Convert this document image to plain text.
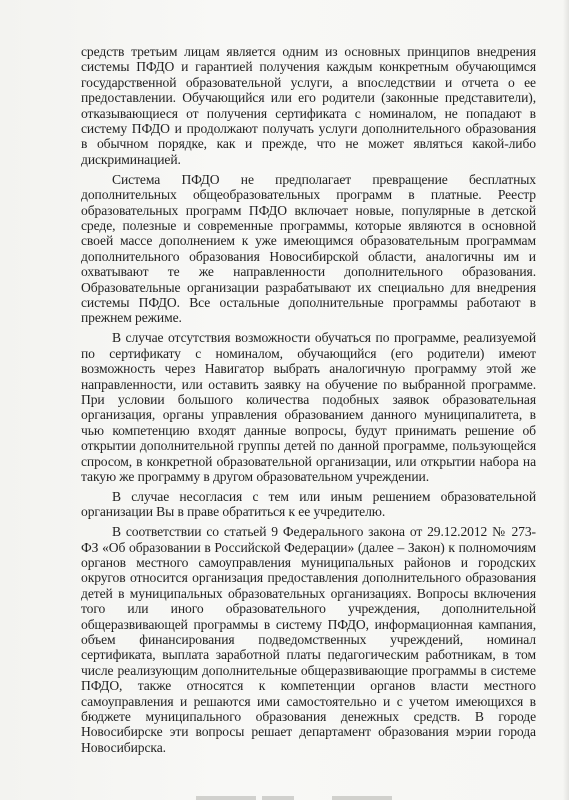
средств третьим лицам является одним из основных принципов внедрения
системы ПФДО и гарантией получения каждым конкретным обучающимся
государственной образовательной услуги, а впоследствии и отчета о ее
предоставлении. Обучающийся или его родители (законные представители),
отказывающиеся от получения сертификата с номиналом, не попадают в
систему ПФДО и продолжают получать услуги дополнительного образования
в обычном порядке, как и прежде, что не может являться какой-либо
дискриминацией.
Система ПФДО не предполагает превращение бесплатных
дополнительных общеобразовательных программ в платные. Реестр
образовательных программ ПФДО включает новые, популярные в детской
среде, полезные и современные программы, которые являются в основной
своей массе дополнением к уже имеющимся образовательным программам
дополнительного образования Новосибирской области, аналогичны им и
охватывают те же направленности дополнительного образования.
Образовательные организации разрабатывают их специально для внедрения
системы ПФДО. Все остальные дополнительные программы работают в
прежнем режиме.
В случае отсутствия возможности обучаться по программе, реализуемой
по сертификату с номиналом, обучающийся (его родители) имеют
возможность через Навигатор выбрать аналогичную программу этой же
направленности, или оставить заявку на обучение по выбранной программе.
При условии большого количества подобных заявок образовательная
организация, органы управления образованием данного муниципалитета, в
чью компетенцию входят данные вопросы, будут принимать решение об
открытии дополнительной группы детей по данной программе, пользующейся
спросом, в конкретной образовательной организации, или открытии набора на
такую же программу в другом образовательном учреждении.
В случае несогласия с тем или иным решением образовательной
организации Вы в праве обратиться к ее учредителю.
В соответствии со статьей 9 Федерального закона от 29.12.2012 № 273-
ФЗ «Об образовании в Российской Федерации» (далее – Закон) к полномочиям
органов местного самоуправления муниципальных районов и городских
округов относится организация предоставления дополнительного образования
детей в муниципальных образовательных организациях. Вопросы включения
того или иного образовательного учреждения, дополнительной
общеразвивающей программы в систему ПФДО, информационная кампания,
объем финансирования подведомственных учреждений, номинал
сертификата, выплата заработной платы педагогическим работникам, в том
числе реализующим дополнительные общеразвивающие программы в системе
ПФДО, также относятся к компетенции органов власти местного
самоуправления и решаются ими самостоятельно и с учетом имеющихся в
бюджете муниципального образования денежных средств. В городе
Новосибирске эти вопросы решает департамент образования мэрии города
Новосибирска.
